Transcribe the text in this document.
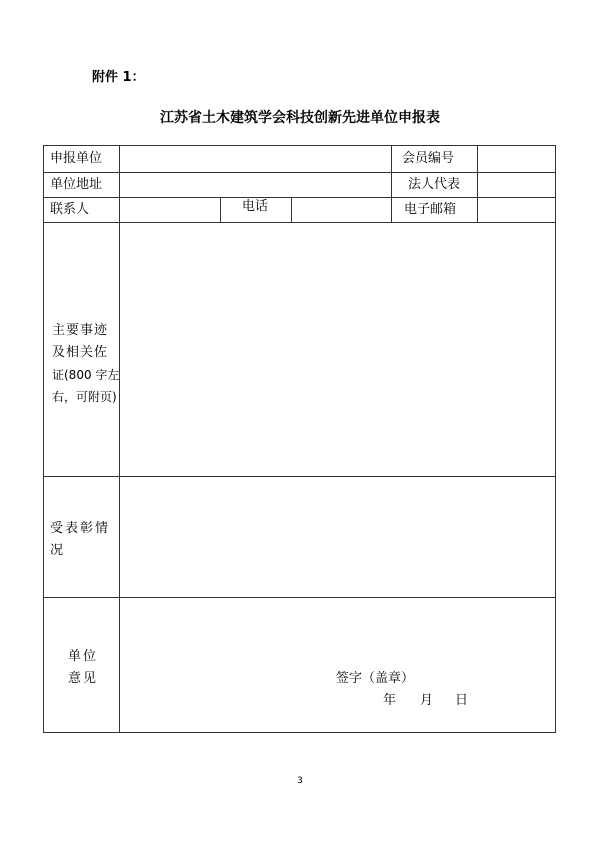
附件 1：
江苏省土木建筑学会科技创新先进单位申报表
申报单位	会员编号
单位地址	法人代表
联系人	电话	电子邮箱
主要事迹
及相关佐
证(800 字左
右，可附页)
受表彰情
况
单位
意见	签字（盖章）
年 月 日
3
